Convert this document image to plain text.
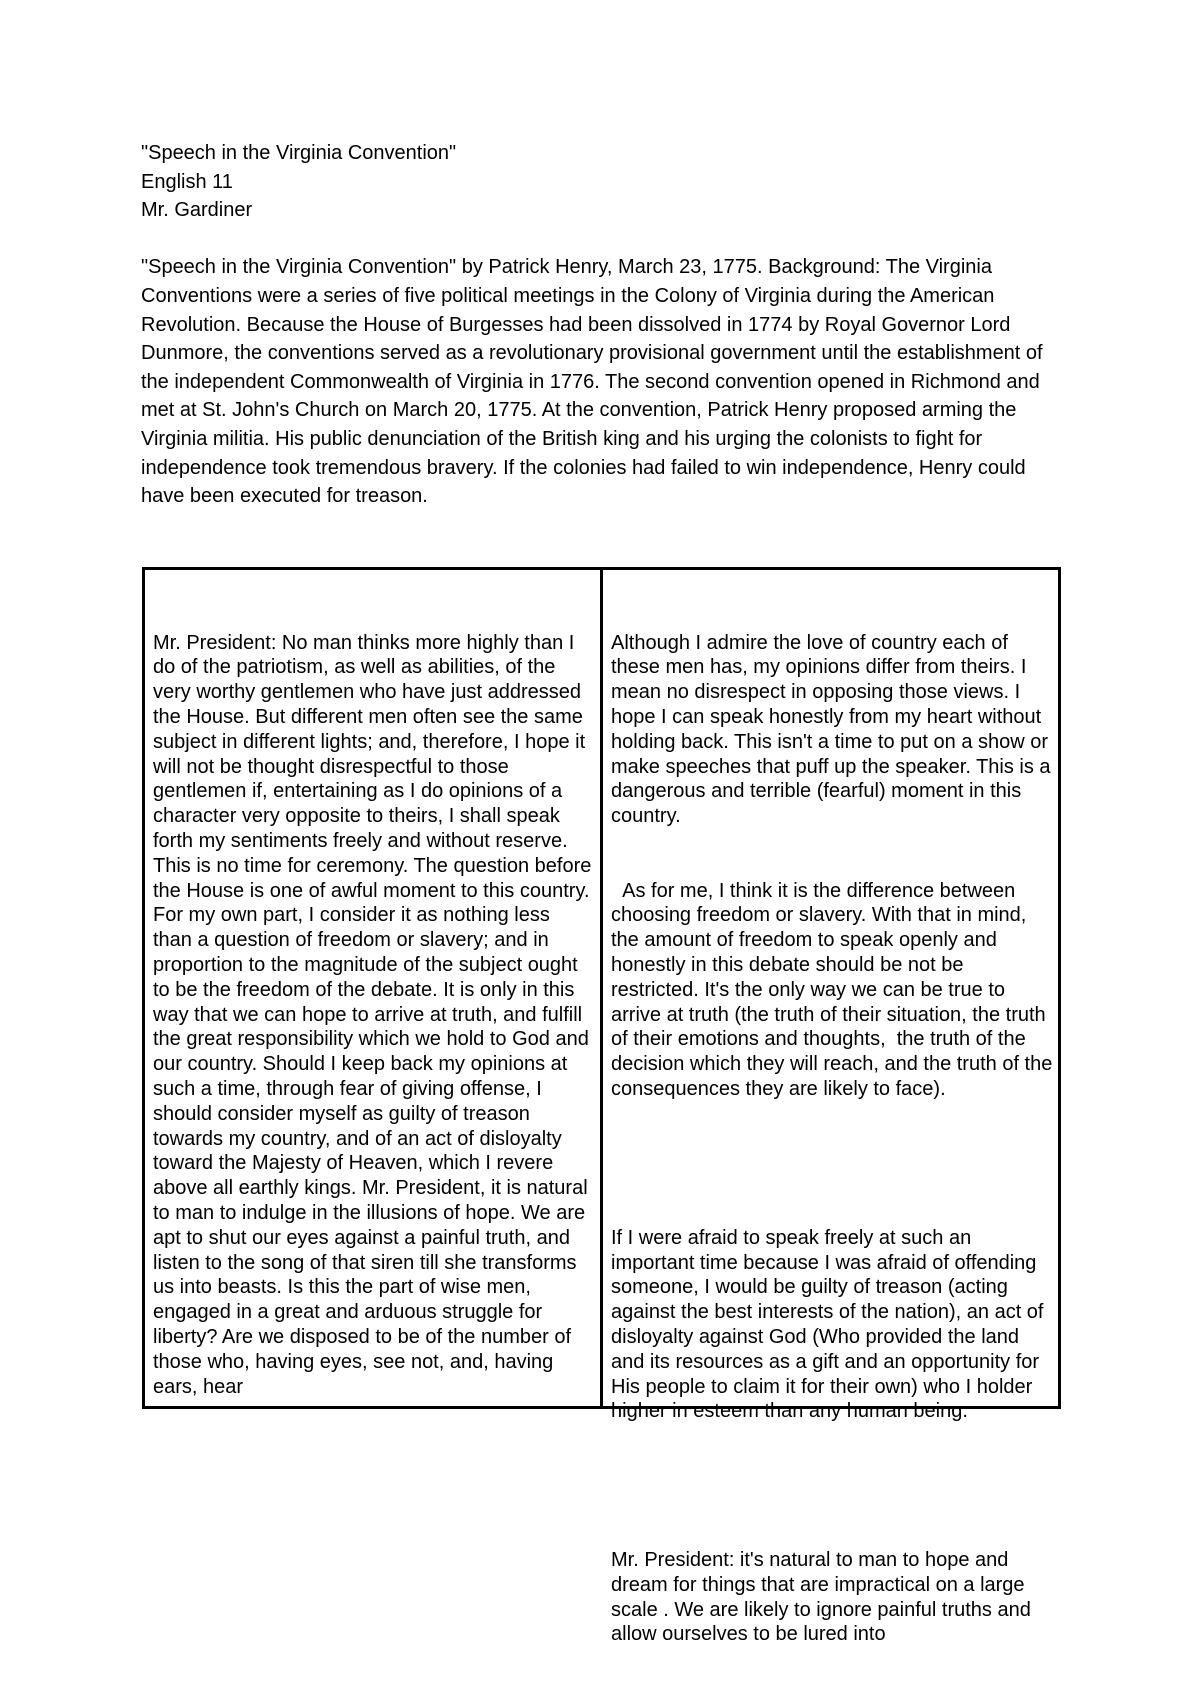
"Speech in the Virginia Convention"
English 11
Mr. Gardiner
"Speech in the Virginia Convention" by Patrick Henry, March 23, 1775. Background: The Virginia Conventions were a series of five political meetings in the Colony of Virginia during the American Revolution. Because the House of Burgesses had been dissolved in 1774 by Royal Governor Lord Dunmore, the conventions served as a revolutionary provisional government until the establishment of the independent Commonwealth of Virginia in 1776. The second convention opened in Richmond and met at St. John's Church on March 20, 1775. At the convention, Patrick Henry proposed arming the Virginia militia. His public denunciation of the British king and his urging the colonists to fight for independence took tremendous bravery. If the colonies had failed to win independence, Henry could have been executed for treason.

Mr. President: No man thinks more highly than I do of the patriotism, as well as abilities, of the very worthy gentlemen who have just addressed the House. But different men often see the same subject in different lights; and, therefore, I hope it will not be thought disrespectful to those gentlemen if, entertaining as I do opinions of a character very opposite to theirs, I shall speak forth my sentiments freely and without reserve. This is no time for ceremony. The question before the House is one of awful moment to this country. For my own part, I consider it as nothing less than a question of freedom or slavery; and in proportion to the magnitude of the subject ought to be the freedom of the debate. It is only in this way that we can hope to arrive at truth, and fulfill the great responsibility which we hold to God and our country. Should I keep back my opinions at such a time, through fear of giving offense, I should consider myself as guilty of treason towards my country, and of an act of disloyalty toward the Majesty of Heaven, which I revere above all earthly kings. Mr. President, it is natural to man to indulge in the illusions of hope. We are apt to shut our eyes against a painful truth, and listen to the song of that siren till she transforms us into beasts. Is this the part of wise men, engaged in a great and arduous struggle for liberty? Are we disposed to be of the number of those who, having eyes, see not, and, having ears, hear

Although I admire the love of country each of these men has, my opinions differ from theirs. I mean no disrespect in opposing those views. I hope I can speak honestly from my heart without holding back. This isn't a time to put on a show or make speeches that puff up the speaker. This is a dangerous and terrible (fearful) moment in this country.

As for me, I think it is the difference between choosing freedom or slavery. With that in mind, the amount of freedom to speak openly and honestly in this debate should be not be restricted. It's the only way we can be true to arrive at truth (the truth of their situation, the truth of their emotions and thoughts,  the truth of the decision which they will reach, and the truth of the consequences they are likely to face).

If I were afraid to speak freely at such an important time because I was afraid of offending someone, I would be guilty of treason (acting against the best interests of the nation), an act of disloyalty against God (Who provided the land and its resources as a gift and an opportunity for His people to claim it for their own) who I holder higher in esteem than any human being.

Mr. President: it's natural to man to hope and dream for things that are impractical on a large scale . We are likely to ignore painful truths and allow ourselves to be lured into
